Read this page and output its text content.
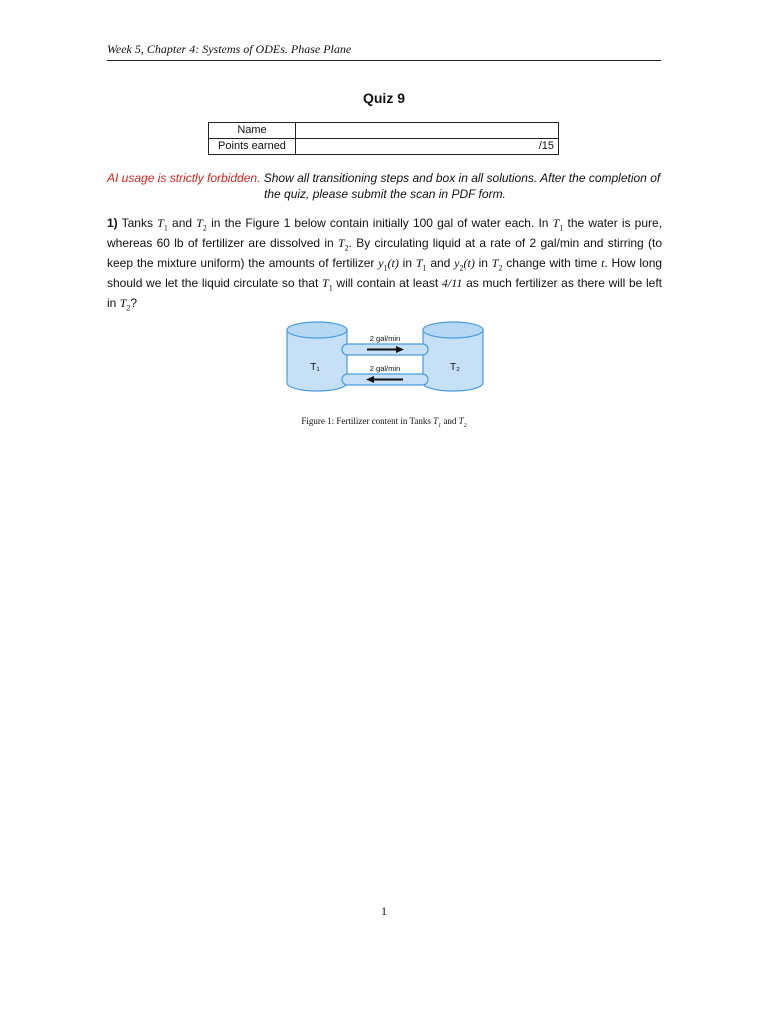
Week 5, Chapter 4: Systems of ODEs. Phase Plane
Quiz 9
Name	
Points earned	/15
AI usage is strictly forbidden. Show all transitioning steps and box in all solutions. After the completion of
the quiz, please submit the scan in PDF form.
1) Tanks $T_1$ and $T_2$ in the Figure 1 below contain initially 100 gal of water each. In $T_1$ the water is pure, whereas 60 lb of fertilizer are dissolved in $T_2$. By circulating liquid at a rate of 2 gal/min and stirring (to keep the mixture uniform) the amounts of fertilizer $y_1(t)$ in $T_1$ and $y_2(t)$ in $T_2$ change with time t. How long should we let the liquid circulate so that $T_1$ will contain at least 4/11 as much fertilizer as there will be left in $T_2$?
2 gal/min
2 gal/min
T₁	T₂
Figure 1: Fertilizer content in Tanks $T_1$ and $T_2$
1
